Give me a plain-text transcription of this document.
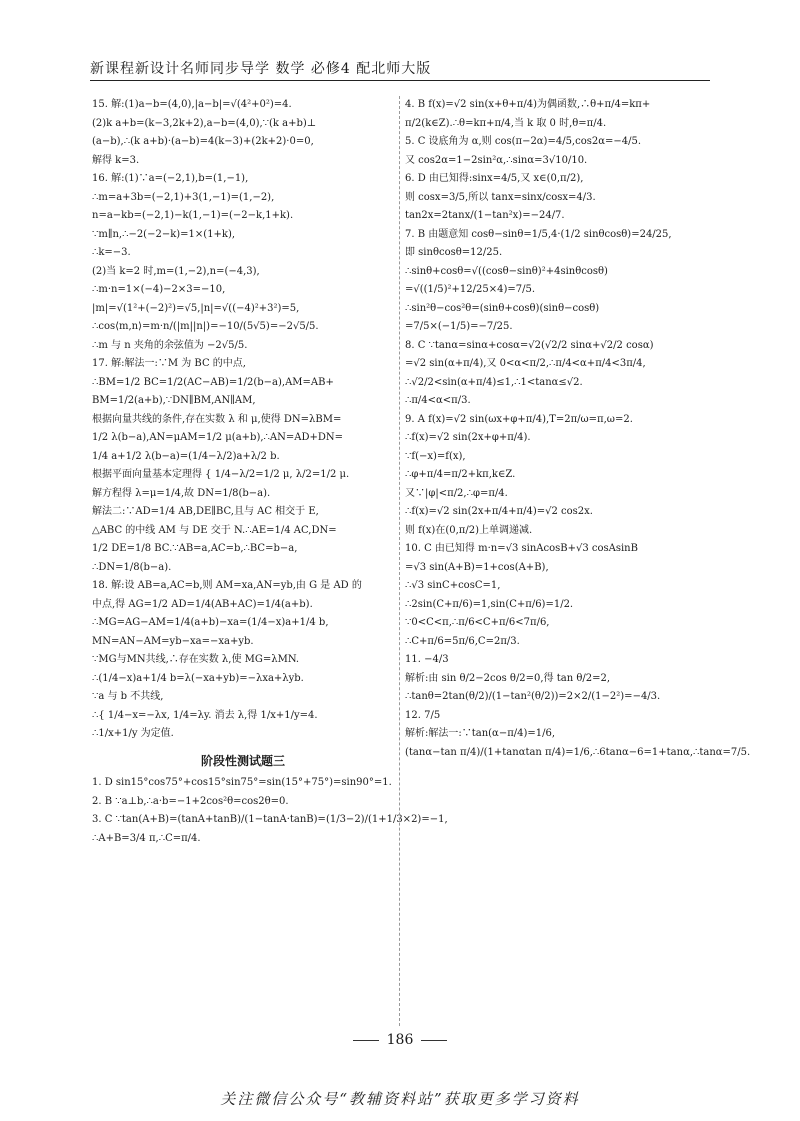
新课程新设计名师同步导学 数学 必修4 配北师大版
15. 解:(1)a−b=(4,0),|a−b|=√(4²+0²)=4.
(2)k a+b=(k−3,2k+2),a−b=(4,0),∵(k a+b)⊥
(a−b),∴(k a+b)·(a−b)=4(k−3)+(2k+2)·0=0,
解得 k=3.
16. 解:(1)∵a=(−2,1),b=(1,−1),
∴m=a+3b=(−2,1)+3(1,−1)=(1,−2),
n=a−kb=(−2,1)−k(1,−1)=(−2−k,1+k).
∵m∥n,∴−2(−2−k)=1×(1+k),
∴k=−3.
(2)当 k=2 时,m=(1,−2),n=(−4,3),
∴m·n=1×(−4)−2×3=−10,
|m|=√(1²+(−2)²)=√5,|n|=√((−4)²+3²)=5,
∴cos⟨m,n⟩=m·n/(|m||n|)=−10/(5√5)=−2√5/5.
∴m 与 n 夹角的余弦值为 −2√5/5.
17. 解:解法一:∵M 为 BC 的中点,
∴BM=1/2 BC=1/2(AC−AB)=1/2(b−a),AM=AB+
BM=1/2(a+b),∵DN∥BM,AN∥AM,
根据向量共线的条件,存在实数 λ 和 μ,使得 DN=λBM=
1/2 λ(b−a),AN=μAM=1/2 μ(a+b),∴AN=AD+DN=
1/4 a+1/2 λ(b−a)=(1/4−λ/2)a+λ/2 b.
根据平面向量基本定理得 { 1/4−λ/2=1/2 μ, λ/2=1/2 μ.
解方程得 λ=μ=1/4,故 DN=1/8(b−a).
解法二:∵AD=1/4 AB,DE∥BC,且与 AC 相交于 E,
△ABC 的中线 AM 与 DE 交于 N.∴AE=1/4 AC,DN=
1/2 DE=1/8 BC.∵AB=a,AC=b,∴BC=b−a,
∴DN=1/8(b−a).
18. 解:设 AB=a,AC=b,则 AM=xa,AN=yb,由 G 是 AD 的
中点,得 AG=1/2 AD=1/4(AB+AC)=1/4(a+b).
∴MG=AG−AM=1/4(a+b)−xa=(1/4−x)a+1/4 b,
MN=AN−AM=yb−xa=−xa+yb.
∵MG与MN共线,∴存在实数 λ,使 MG=λMN.
∴(1/4−x)a+1/4 b=λ(−xa+yb)=−λxa+λyb.
∵a 与 b 不共线,
∴{ 1/4−x=−λx, 1/4=λy. 消去 λ,得 1/x+1/y=4.
∴1/x+1/y 为定值.
阶段性测试题三
1. D sin15°cos75°+cos15°sin75°=sin(15°+75°)=sin90°=1.
2. B ∵a⊥b,∴a·b=−1+2cos²θ=cos2θ=0.
3. C ∵tan(A+B)=(tanA+tanB)/(1−tanA·tanB)=(1/3−2)/(1+1/3×2)=−1,
∴A+B=3/4 π,∴C=π/4.
4. B f(x)=√2 sin(x+θ+π/4)为偶函数,∴θ+π/4=kπ+
π/2(k∈Z).∴θ=kπ+π/4,当 k 取 0 时,θ=π/4.
5. C 设底角为 α,则 cos(π−2α)=4/5,cos2α=−4/5.
又 cos2α=1−2sin²α,∴sinα=3√10/10.
6. D 由已知得:sinx=4/5,又 x∈(0,π/2),
则 cosx=3/5,所以 tanx=sinx/cosx=4/3.
tan2x=2tanx/(1−tan²x)=−24/7.
7. B 由题意知 cosθ−sinθ=1/5,4·(1/2 sinθcosθ)=24/25,
即 sinθcosθ=12/25.
∴sinθ+cosθ=√((cosθ−sinθ)²+4sinθcosθ)
=√((1/5)²+12/25×4)=7/5.
∴sin²θ−cos²θ=(sinθ+cosθ)(sinθ−cosθ)
=7/5×(−1/5)=−7/25.
8. C ∵tanα=sinα+cosα=√2(√2/2 sinα+√2/2 cosα)
=√2 sin(α+π/4),又 0<α<π/2,∴π/4<α+π/4<3π/4,
∴√2/2<sin(α+π/4)≤1,∴1<tanα≤√2.
∴π/4<α<π/3.
9. A f(x)=√2 sin(ωx+φ+π/4),T=2π/ω=π,ω=2.
∴f(x)=√2 sin(2x+φ+π/4).
∵f(−x)=f(x),
∴φ+π/4=π/2+kπ,k∈Z.
又∵|φ|<π/2,∴φ=π/4.
∴f(x)=√2 sin(2x+π/4+π/4)=√2 cos2x.
则 f(x)在(0,π/2)上单调递减.
10. C 由已知得 m·n=√3 sinAcosB+√3 cosAsinB
=√3 sin(A+B)=1+cos(A+B),
∴√3 sinC+cosC=1,
∴2sin(C+π/6)=1,sin(C+π/6)=1/2.
∵0<C<π,∴π/6<C+π/6<7π/6,
∴C+π/6=5π/6,C=2π/3.
11. −4/3
解析:由 sin θ/2−2cos θ/2=0,得 tan θ/2=2,
∴tanθ=2tan(θ/2)/(1−tan²(θ/2))=2×2/(1−2²)=−4/3.
12. 7/5
解析:解法一:∵tan(α−π/4)=1/6,
(tanα−tan π/4)/(1+tanαtan π/4)=1/6,∴6tanα−6=1+tanα,∴tanα=7/5.
186
关注微信公众号“教辅资料站”获取更多学习资料
